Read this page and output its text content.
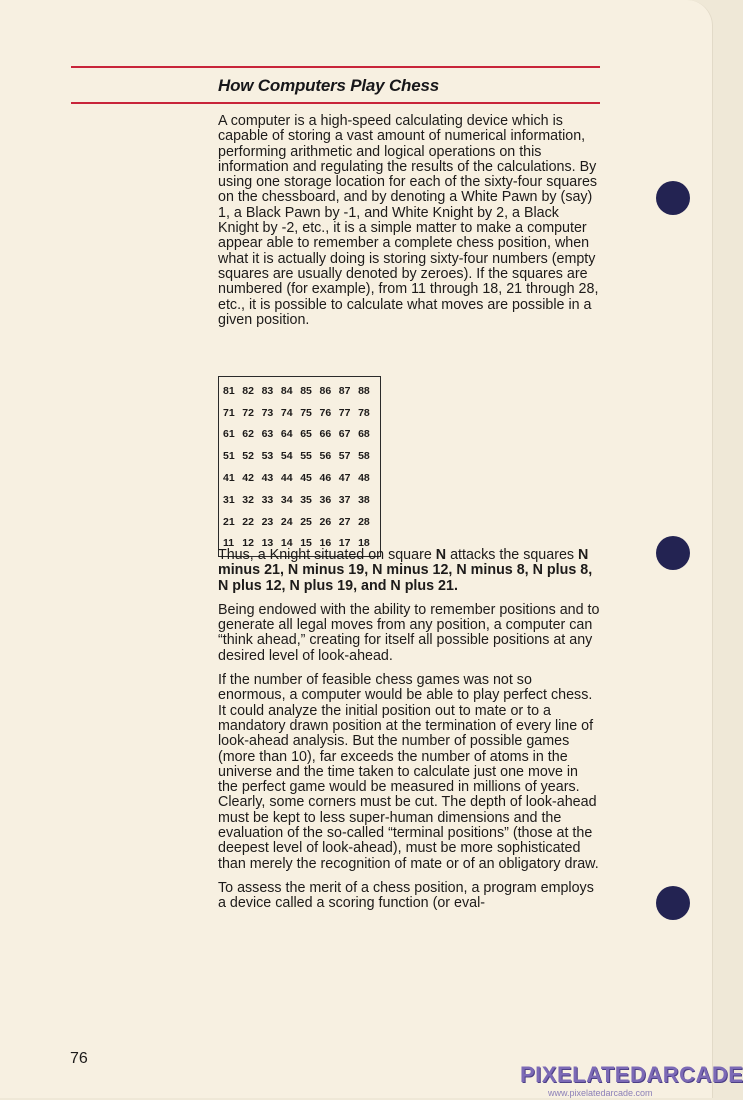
How Computers Play Chess

A computer is a high-speed calculating device which is capable of storing a vast amount of numerical information, performing arithmetic and logical operations on this information and regulating the results of the calculations. By using one storage location for each of the sixty-four squares on the chessboard, and by denoting a White Pawn by (say) 1, a Black Pawn by -1, and White Knight by 2, a Black Knight by -2, etc., it is a simple matter to make a computer appear able to remember a complete chess position, when what it is actually doing is storing sixty-four numbers (empty squares are usually denoted by zeroes). If the squares are numbered (for example), from 11 through 18, 21 through 28, etc., it is possible to calculate what moves are possible in a given position.

81 82 83 84 85 86 87 88
71 72 73 74 75 76 77 78
61 62 63 64 65 66 67 68
51 52 53 54 55 56 57 58
41 42 43 44 45 46 47 48
31 32 33 34 35 36 37 38
21 22 23 24 25 26 27 28
11 12 13 14 15 16 17 18

Thus, a Knight situated on square N attacks the squares N minus 21, N minus 19, N minus 12, N minus 8, N plus 8, N plus 12, N plus 19, and N plus 21.

Being endowed with the ability to remember positions and to generate all legal moves from any position, a computer can “think ahead,” creating for itself all possible positions at any desired level of look-ahead.

If the number of feasible chess games was not so enormous, a computer would be able to play perfect chess. It could analyze the initial position out to mate or to a mandatory drawn position at the termination of every line of look-ahead analysis. But the number of possible games (more than 10), far exceeds the number of atoms in the universe and the time taken to calculate just one move in the perfect game would be measured in millions of years. Clearly, some corners must be cut. The depth of look-ahead must be kept to less super-human dimensions and the evaluation of the so-called “terminal positions” (those at the deepest level of look-ahead), must be more sophisticated than merely the recognition of mate or of an obligatory draw.

To assess the merit of a chess position, a program employs a device called a scoring function (or eval-

76
PIXELATEDARCADE
www.pixelatedarcade.com
